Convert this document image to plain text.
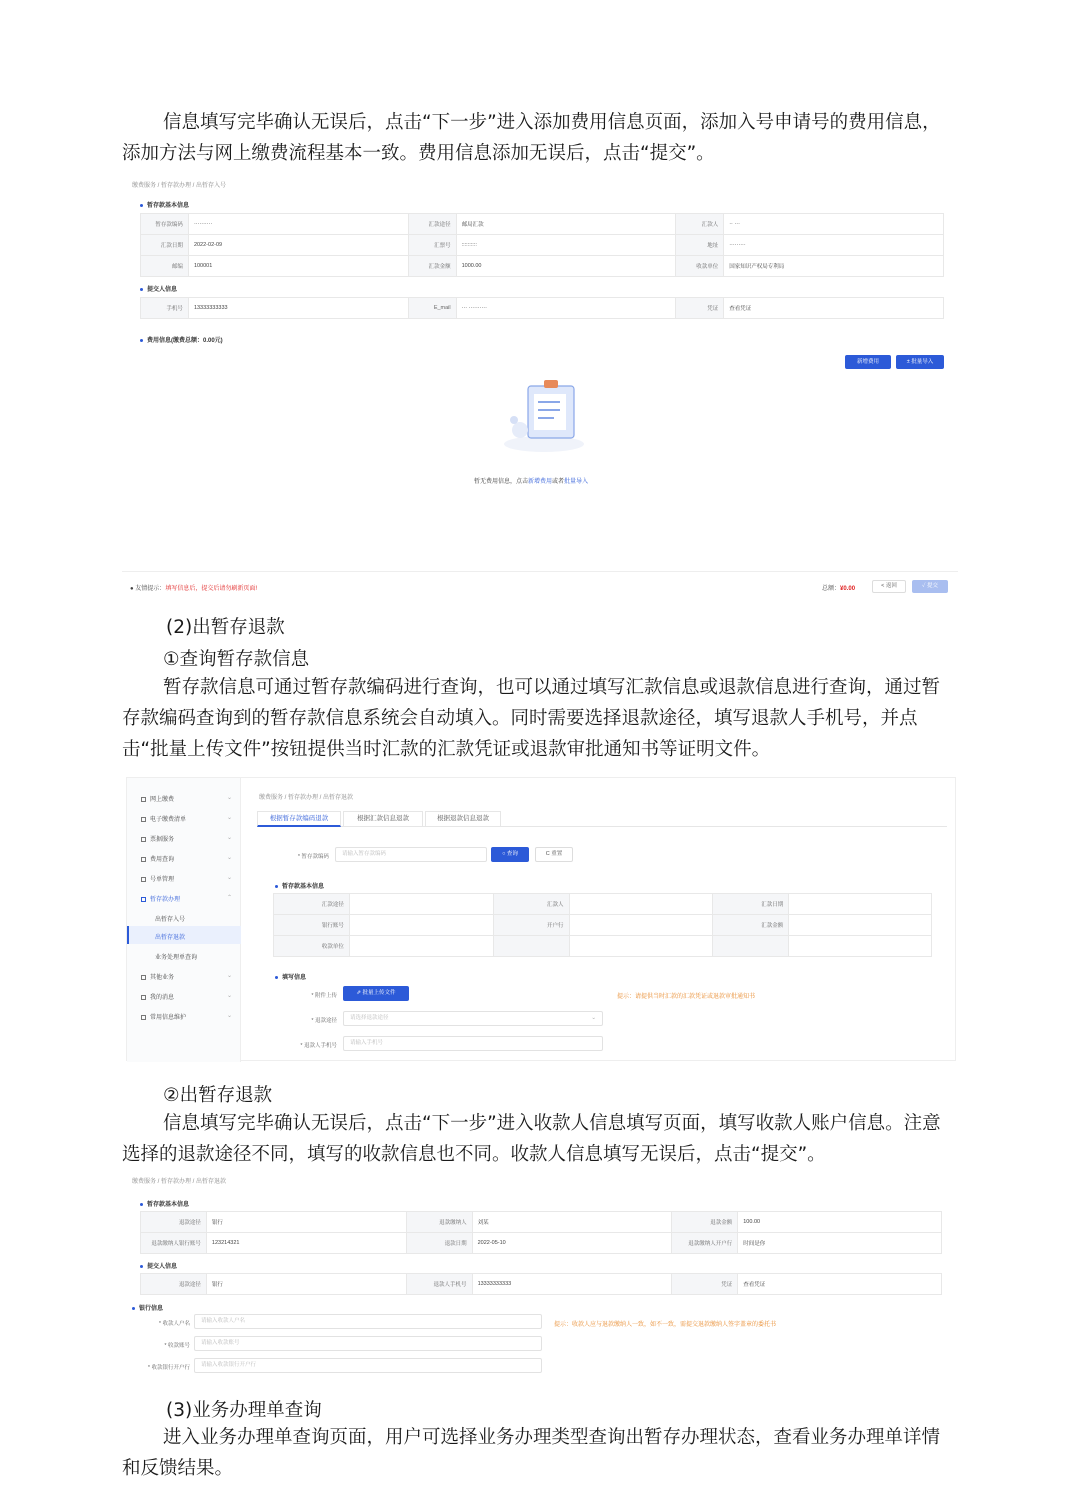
信息填写完毕确认无误后，点击“下一步”进入添加费用信息页面，添加入号申请号的费用信息，添加方法与网上缴费流程基本一致。费用信息添加无误后，点击“提交”。
缴费服务 / 暂存款办理 / 出暂存入号
暂存款基本信息
暂存款编码	··········	汇款途径	邮局汇款	汇款人	·· ···
汇款日期	2022-02-09	汇票号	::::::::::	地址	·········
邮编	100001	汇款金额	1000.00	收款单位	国家知识产权局专利局
提交人信息
手机号	13333333333	E_mail	··· ··········	凭证	查看凭证
费用信息(缴费总额：0.00元)
新增费用	± 批量导入
暂无费用信息，点击新增费用或者批量导入
● 友情提示：填写信息后，提交后请勿刷新页面!	总额：¥0.00	< 返回	✓ 提交
(2)出暂存退款
①查询暂存款信息
暂存款信息可通过暂存款编码进行查询，也可以通过填写汇款信息或退款信息进行查询，通过暂存款编码查询到的暂存款信息系统会自动填入。同时需要选择退款途径，填写退款人手机号，并点击“批量上传文件”按钮提供当时汇款的汇款凭证或退款审批通知书等证明文件。
网上缴费	⌄
电子缴费清单	⌄
票据服务	⌄
费用查询	⌄
号单管理	⌄
暂存款办理	⌃
出暂存入号
出暂存退款
业务处理单查询
其他业务	⌄
我的消息	⌄
常用信息维护	⌄
缴费服务 / 暂存款办理 / 出暂存退款
根据暂存款编码退款	根据汇款信息退款	根据退款信息退款
* 暂存款编码	请输入暂存款编码	○ 查询	C 重置
暂存款基本信息
汇款途径		汇款人		汇款日期	
银行账号		开户行		汇款金额	
收款单位					
填写信息
* 附件上传	⇗ 批量上传文件
提示：请提供当时汇款的汇款凭证或退款审批通知书
* 退款途径	请选择退款途径	⌄
* 退款人手机号	请输入手机号
②出暂存退款
信息填写完毕确认无误后，点击“下一步”进入收款人信息填写页面，填写收款人账户信息。注意选择的退款途径不同，填写的收款信息也不同。收款人信息填写无误后，点击“提交”。
缴费服务 / 暂存款办理 / 出暂存退款
暂存款基本信息
退款途径	银行	退款缴纳人	刘某	退款金额	100.00
退款缴纳人银行账号	123214321	退款日期	2022-05-10	退款缴纳人开户行	时间是你
提交人信息
退款途径	银行	退款人手机号	13333333333	凭证	查看凭证
银行信息
* 收款人户名	请输入收款人户名
提示：收款人应与退款缴纳人一致，如不一致，需提交退款缴纳人签字盖章的委托书
* 收款账号	请输入收款账号
* 收款银行开户行	请输入收款银行开户行
(3)业务办理单查询
进入业务办理单查询页面，用户可选择业务办理类型查询出暂存办理状态，查看业务办理单详情和反馈结果。
